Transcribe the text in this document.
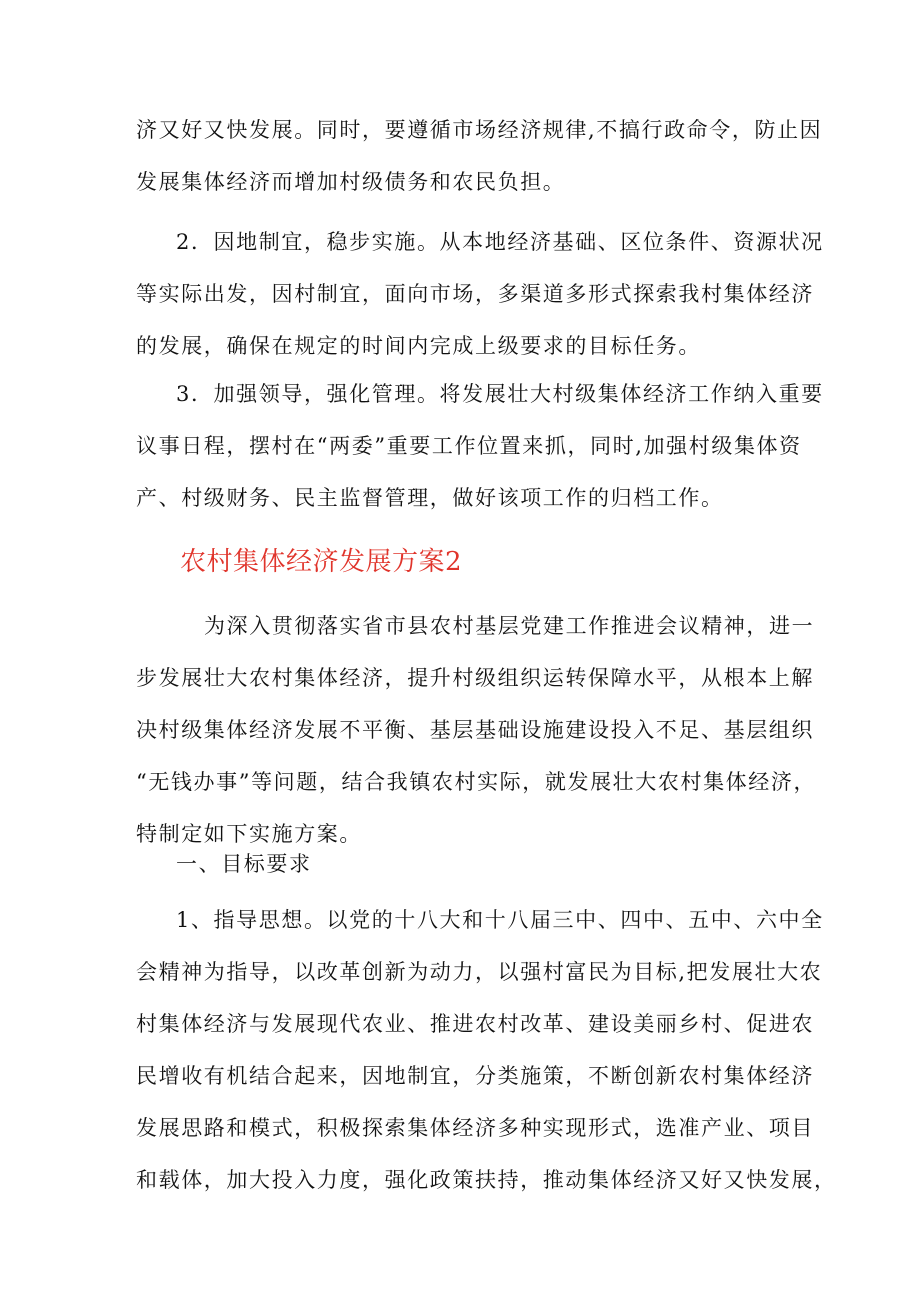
济又好又快发展。同时，要遵循市场经济规律,不搞行政命令，防止因
发展集体经济而增加村级债务和农民负担。
2．因地制宜，稳步实施。从本地经济基础、区位条件、资源状况
等实际出发，因村制宜，面向市场，多渠道多形式探索我村集体经济
的发展，确保在规定的时间内完成上级要求的目标任务。
3．加强领导，强化管理。将发展壮大村级集体经济工作纳入重要
议事日程，摆村在“两委”重要工作位置来抓，同时,加强村级集体资
产、村级财务、民主监督管理，做好该项工作的归档工作。
农村集体经济发展方案2
为深入贯彻落实省市县农村基层党建工作推进会议精神，进一
步发展壮大农村集体经济，提升村级组织运转保障水平，从根本上解
决村级集体经济发展不平衡、基层基础设施建设投入不足、基层组织
“无钱办事”等问题，结合我镇农村实际，就发展壮大农村集体经济，
特制定如下实施方案。
一、目标要求
1、指导思想。以党的十八大和十八届三中、四中、五中、六中全
会精神为指导，以改革创新为动力，以强村富民为目标,把发展壮大农
村集体经济与发展现代农业、推进农村改革、建设美丽乡村、促进农
民增收有机结合起来，因地制宜，分类施策，不断创新农村集体经济
发展思路和模式，积极探索集体经济多种实现形式，选准产业、项目
和载体，加大投入力度，强化政策扶持，推动集体经济又好又快发展，
